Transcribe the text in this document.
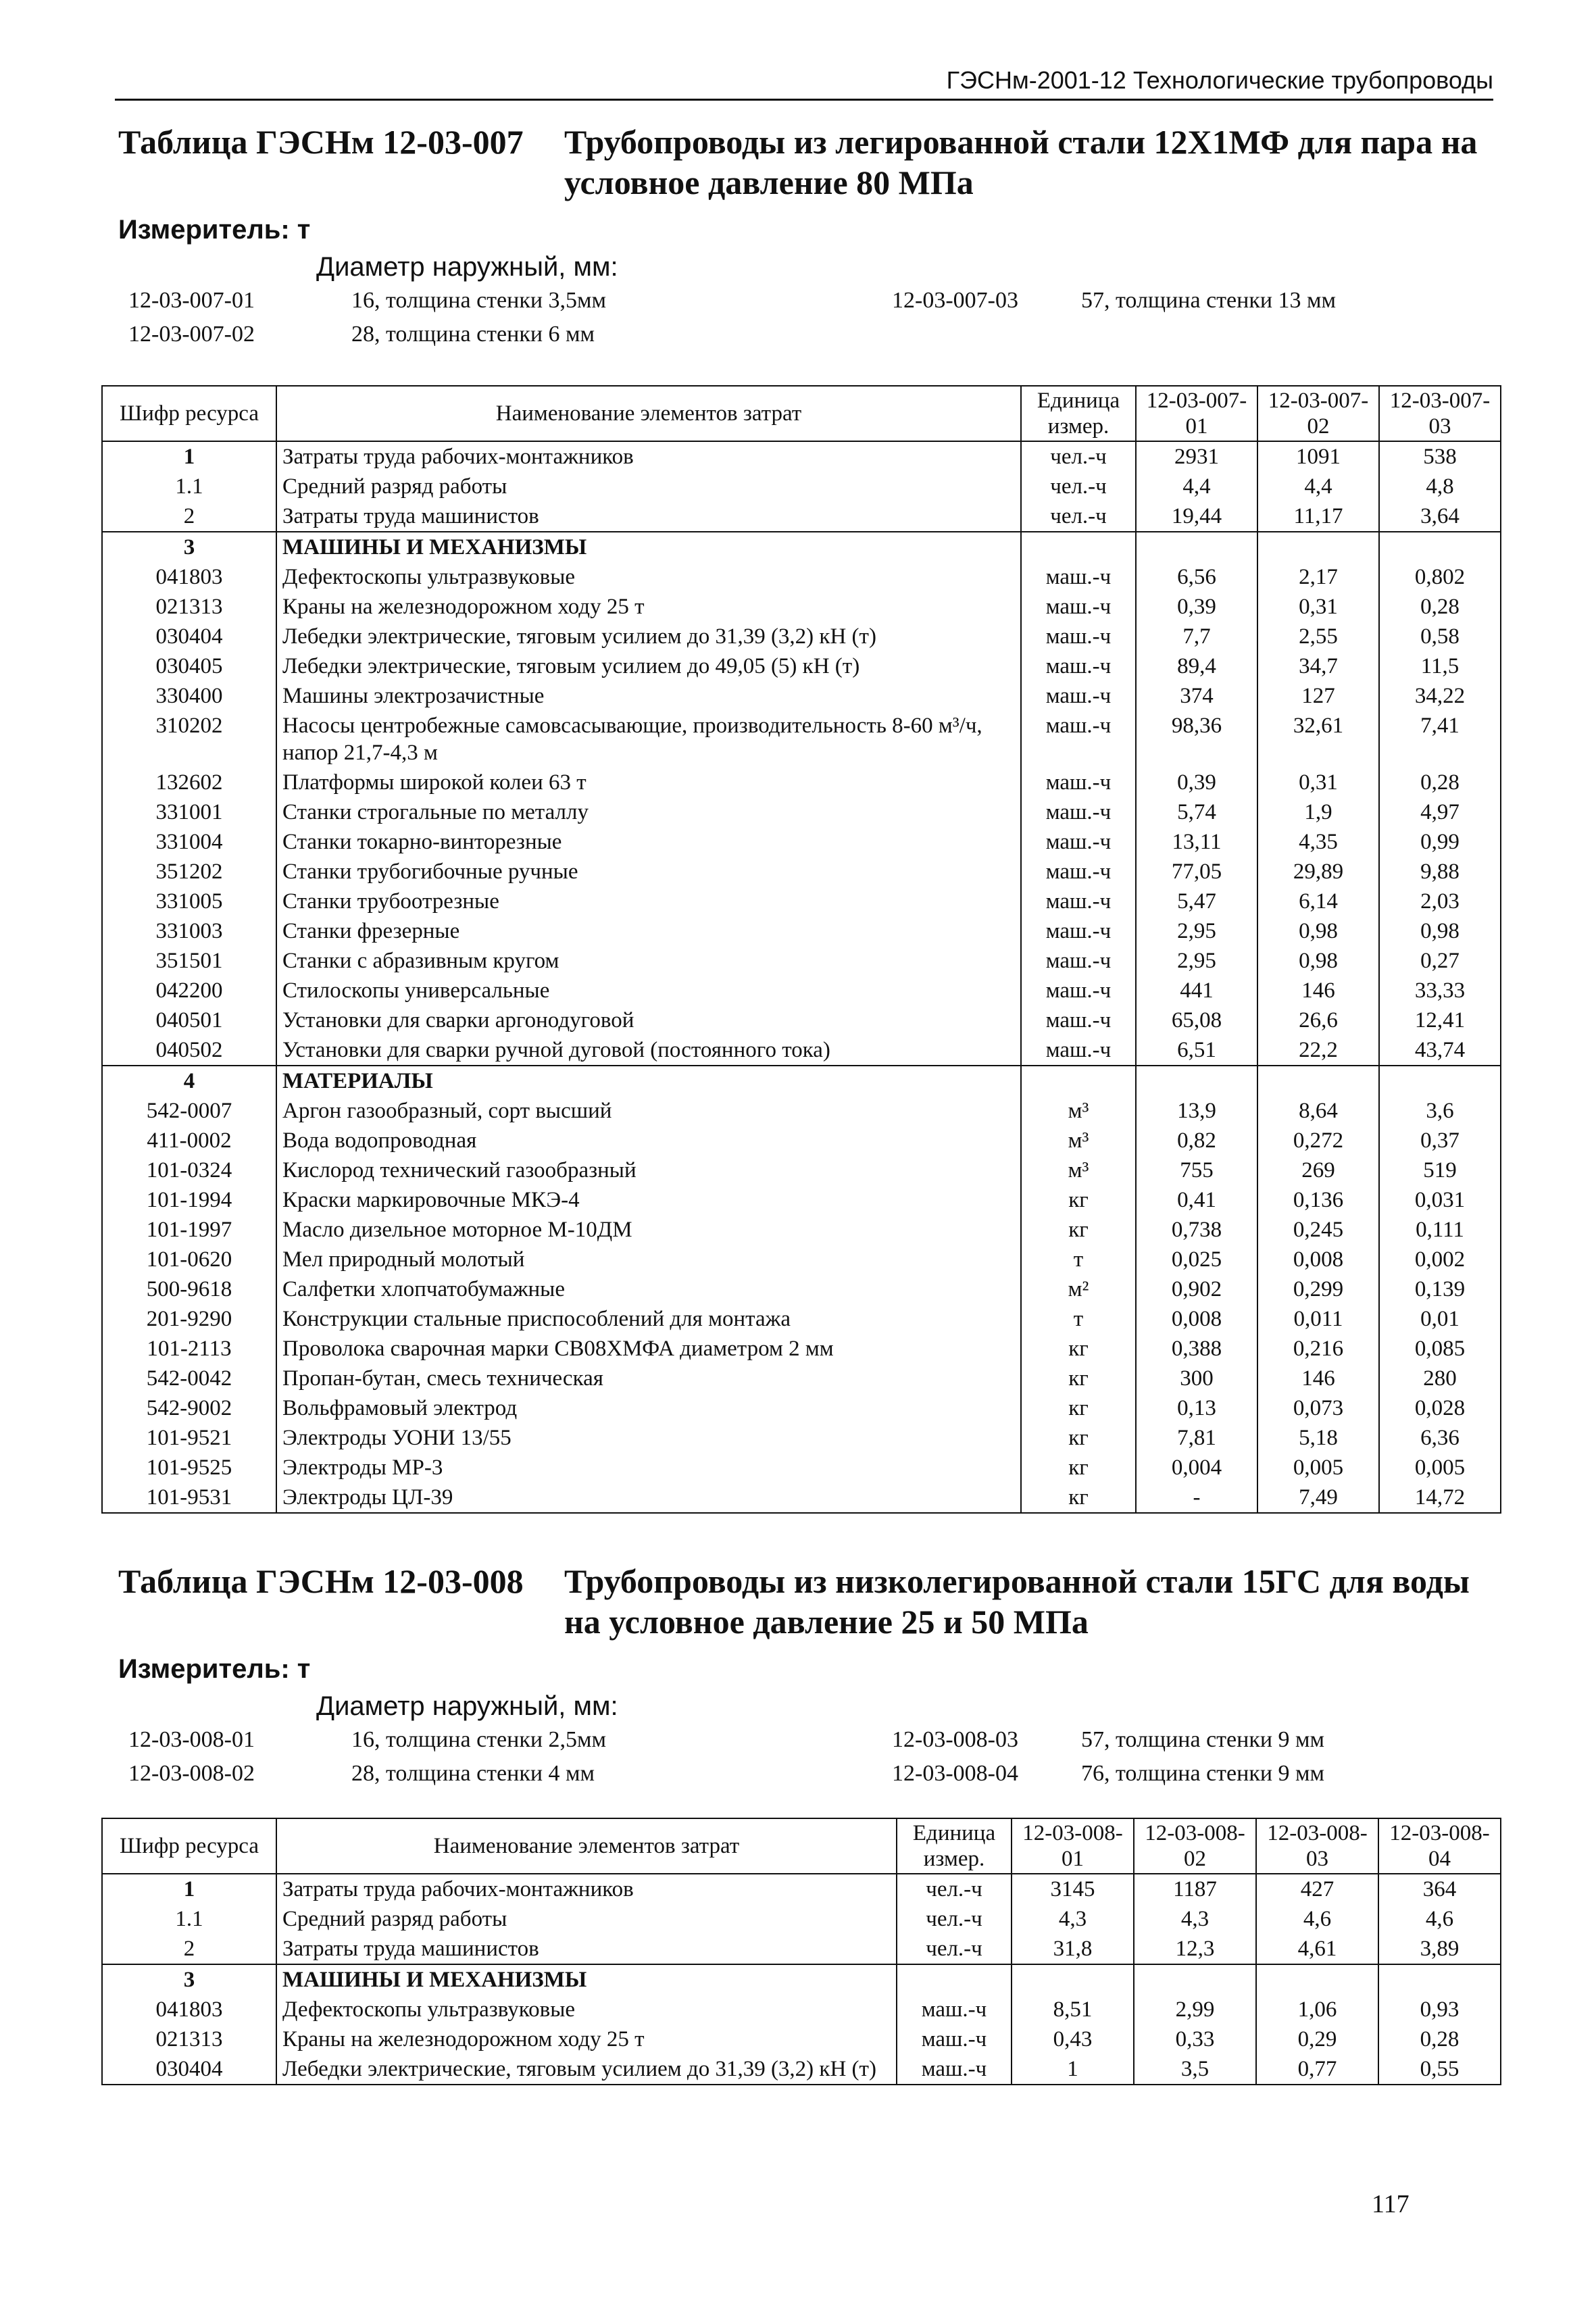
ГЭСНм-2001-12 Технологические трубопроводы
Таблица ГЭСНм 12-03-007	Трубопроводы из легированной стали 12Х1МФ для пара на условное давление 80 МПа
Измеритель: т
Диаметр наружный, мм:
12-03-007-01	16, толщина стенки 3,5мм	12-03-007-03	57, толщина стенки 13 мм
12-03-007-02	28, толщина стенки 6 мм
Шифр ресурса	Наименование элементов затрат	Единица измер.	12-03-007-01	12-03-007-02	12-03-007-03
1	Затраты труда рабочих-монтажников	чел.-ч	2931	1091	538
1.1	Средний разряд работы	чел.-ч	4,4	4,4	4,8
2	Затраты труда машинистов	чел.-ч	19,44	11,17	3,64
3	МАШИНЫ И МЕХАНИЗМЫ				
041803	Дефектоскопы ультразвуковые	маш.-ч	6,56	2,17	0,802
021313	Краны на железнодорожном ходу 25 т	маш.-ч	0,39	0,31	0,28
030404	Лебедки электрические, тяговым усилием до 31,39 (3,2) кН (т)	маш.-ч	7,7	2,55	0,58
030405	Лебедки электрические, тяговым усилием до 49,05 (5) кН (т)	маш.-ч	89,4	34,7	11,5
330400	Машины электрозачистные	маш.-ч	374	127	34,22
310202	Насосы центробежные самовсасывающие, производительность 8-60 м³/ч, напор 21,7-4,3 м	маш.-ч	98,36	32,61	7,41
132602	Платформы широкой колеи 63 т	маш.-ч	0,39	0,31	0,28
331001	Станки строгальные по металлу	маш.-ч	5,74	1,9	4,97
331004	Станки токарно-винторезные	маш.-ч	13,11	4,35	0,99
351202	Станки трубогибочные ручные	маш.-ч	77,05	29,89	9,88
331005	Станки трубоотрезные	маш.-ч	5,47	6,14	2,03
331003	Станки фрезерные	маш.-ч	2,95	0,98	0,98
351501	Станки с абразивным кругом	маш.-ч	2,95	0,98	0,27
042200	Стилоскопы универсальные	маш.-ч	441	146	33,33
040501	Установки для сварки аргонодуговой	маш.-ч	65,08	26,6	12,41
040502	Установки для сварки ручной дуговой (постоянного тока)	маш.-ч	6,51	22,2	43,74
4	МАТЕРИАЛЫ				
542-0007	Аргон газообразный, сорт высший	м³	13,9	8,64	3,6
411-0002	Вода водопроводная	м³	0,82	0,272	0,37
101-0324	Кислород технический газообразный	м³	755	269	519
101-1994	Краски маркировочные МКЭ-4	кг	0,41	0,136	0,031
101-1997	Масло дизельное моторное М-10ДМ	кг	0,738	0,245	0,111
101-0620	Мел природный молотый	т	0,025	0,008	0,002
500-9618	Салфетки хлопчатобумажные	м²	0,902	0,299	0,139
201-9290	Конструкции стальные приспособлений для монтажа	т	0,008	0,011	0,01
101-2113	Проволока сварочная марки СВ08ХМФА диаметром 2 мм	кг	0,388	0,216	0,085
542-0042	Пропан-бутан, смесь техническая	кг	300	146	280
542-9002	Вольфрамовый электрод	кг	0,13	0,073	0,028
101-9521	Электроды УОНИ 13/55	кг	7,81	5,18	6,36
101-9525	Электроды МР-3	кг	0,004	0,005	0,005
101-9531	Электроды ЦЛ-39	кг	-	7,49	14,72
Таблица ГЭСНм 12-03-008	Трубопроводы из низколегированной стали 15ГС для воды на условное давление 25 и 50 МПа
Измеритель: т
Диаметр наружный, мм:
12-03-008-01	16, толщина стенки 2,5мм	12-03-008-03	57, толщина стенки 9 мм
12-03-008-02	28, толщина стенки 4 мм	12-03-008-04	76, толщина стенки 9 мм
Шифр ресурса	Наименование элементов затрат	Единица измер.	12-03-008-01	12-03-008-02	12-03-008-03	12-03-008-04
1	Затраты труда рабочих-монтажников	чел.-ч	3145	1187	427	364
1.1	Средний разряд работы	чел.-ч	4,3	4,3	4,6	4,6
2	Затраты труда машинистов	чел.-ч	31,8	12,3	4,61	3,89
3	МАШИНЫ И МЕХАНИЗМЫ					
041803	Дефектоскопы ультразвуковые	маш.-ч	8,51	2,99	1,06	0,93
021313	Краны на железнодорожном ходу 25 т	маш.-ч	0,43	0,33	0,29	0,28
030404	Лебедки электрические, тяговым усилием до 31,39 (3,2) кН (т)	маш.-ч	1	3,5	0,77	0,55
117
